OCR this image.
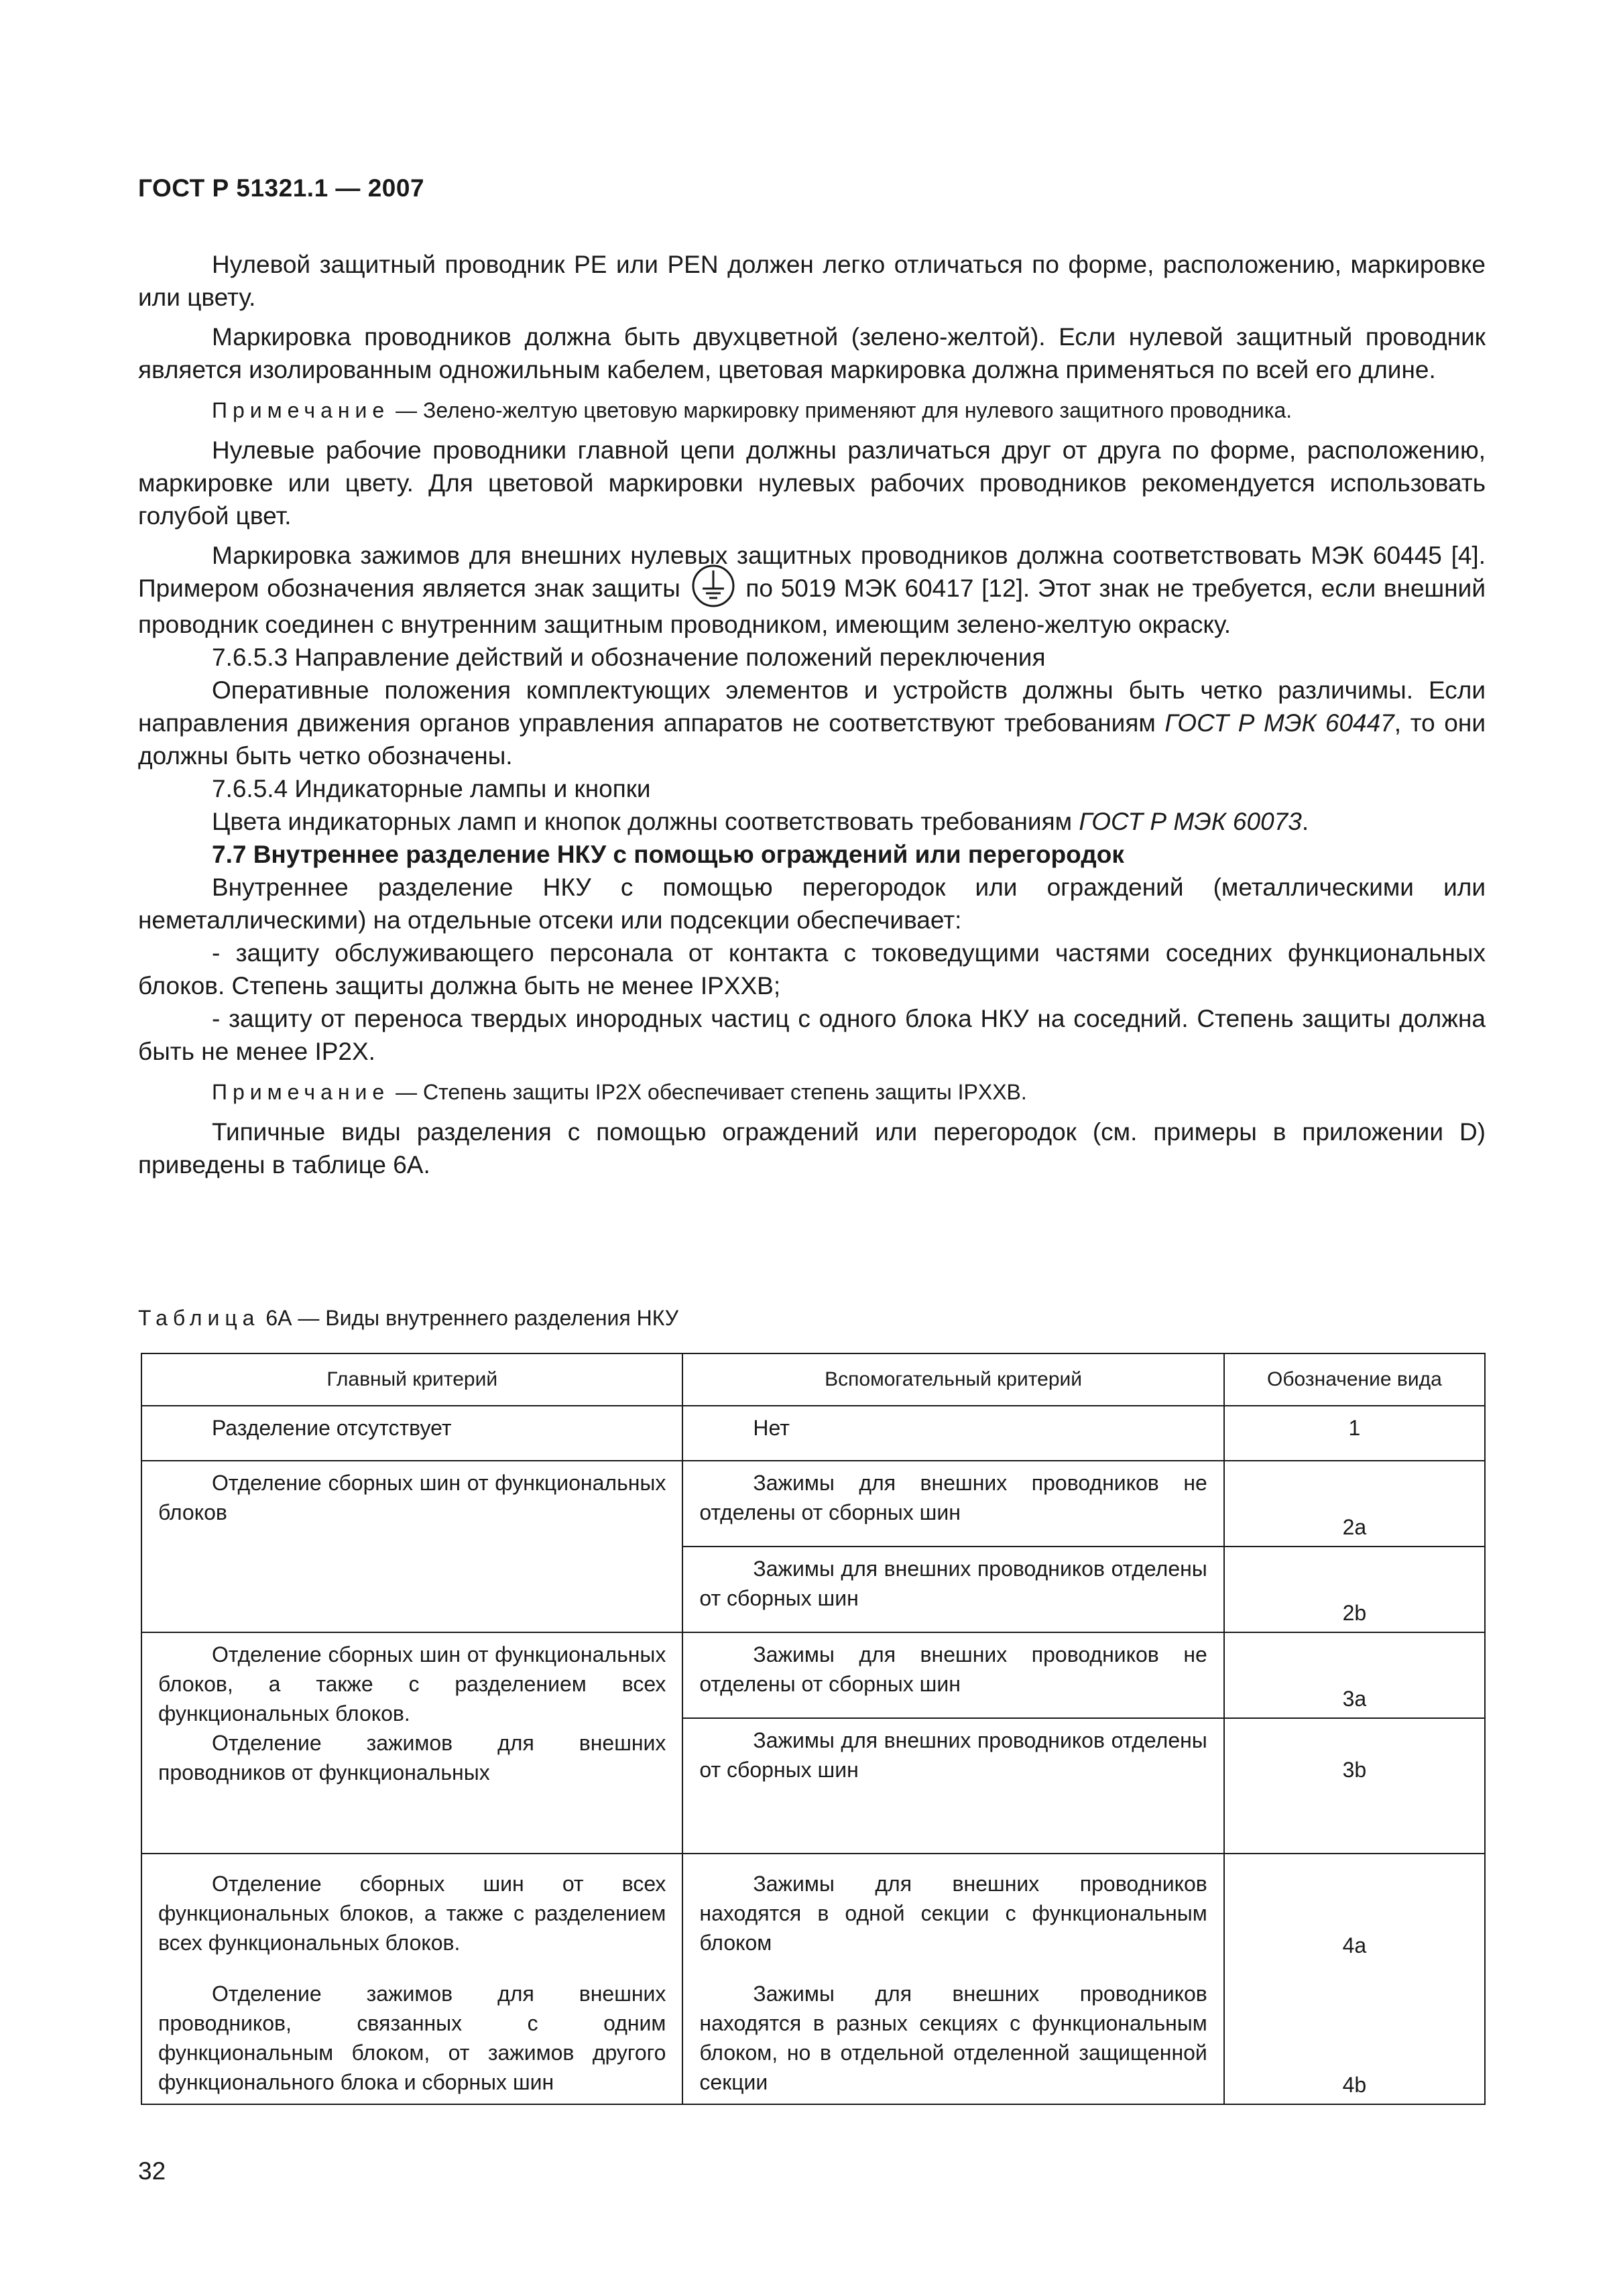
ГОСТ Р 51321.1 — 2007

Нулевой защитный проводник PE или PEN должен легко отличаться по форме, расположению, маркировке или цвету.

Маркировка проводников должна быть двухцветной (зелено-желтой). Если нулевой защитный проводник является изолированным одножильным кабелем, цветовая маркировка должна применяться по всей его длине.

Примечание — Зелено-желтую цветовую маркировку применяют для нулевого защитного проводника.

Нулевые рабочие проводники главной цепи должны различаться друг от друга по форме, расположению, маркировке или цвету. Для цветовой маркировки нулевых рабочих проводников рекомендуется использовать голубой цвет.

Маркировка зажимов для внешних нулевых защитных проводников должна соответствовать МЭК 60445 [4]. Примером обозначения является знак защиты	по 5019 МЭК 60417 [12]. Этот знак не требуется, если внешний проводник соединен с внутренним защитным проводником, имеющим зелено-желтую окраску.

7.6.5.3 Направление действий и обозначение положений переключения

Оперативные положения комплектующих элементов и устройств должны быть четко различимы. Если направления движения органов управления аппаратов не соответствуют требованиям ГОСТ Р МЭК 60447, то они должны быть четко обозначены.

7.6.5.4 Индикаторные лампы и кнопки

Цвета индикаторных ламп и кнопок должны соответствовать требованиям ГОСТ Р МЭК 60073.

7.7 Внутреннее разделение НКУ с помощью ограждений или перегородок

Внутреннее разделение НКУ с помощью перегородок или ограждений (металлическими или неметаллическими) на отдельные отсеки или подсекции обеспечивает:

- защиту обслуживающего персонала от контакта с токоведущими частями соседних функциональных блоков. Степень защиты должна быть не менее IPXXB;

- защиту от переноса твердых инородных частиц с одного блока НКУ на соседний. Степень защиты должна быть не менее IP2X.

Примечание — Степень защиты IP2X обеспечивает степень защиты IPXXB.

Типичные виды разделения с помощью ограждений или перегородок (см. примеры в приложении D) приведены в таблице 6А.

Таблица 6А — Виды внутреннего разделения НКУ
Главный критерий	Вспомогательный критерий	Обозначение вида

Разделение отсутствует	Нет	1

Отделение сборных шин от функциональных блоков	Зажимы для внешних проводников не отделены от сборных шин	2a

	Зажимы для внешних проводников отделены от сборных шин	2b

Отделение сборных шин от функциональных блоков, а также с разделением всех функциональных блоков.
Отделение зажимов для внешних проводников от функциональных	Зажимы для внешних проводников не отделены от сборных шин	3a

	Зажимы для внешних проводников отделены от сборных шин	3b

Отделение сборных шин от всех функциональных блоков, а также с разделением всех функциональных блоков.	Зажимы для внешних проводников находятся в одной секции с функциональным блоком	4a

Отделение зажимов для внешних проводников, связанных с одним функциональным блоком, от зажимов другого функционального блока и сборных шин	Зажимы для внешних проводников находятся в разных секциях с функциональным блоком, но в отдельной отделенной защищенной секции	4b
32
